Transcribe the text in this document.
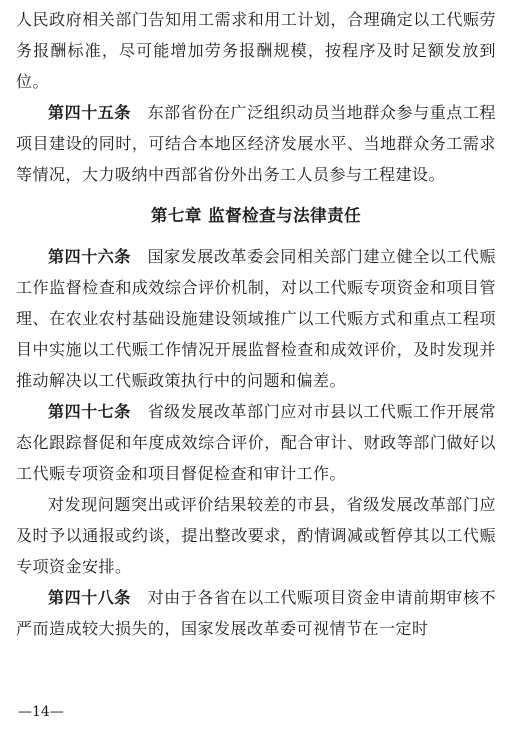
人民政府相关部门告知用工需求和用工计划，合理确定以工代赈劳务报酬标准，尽可能增加劳务报酬规模，按程序及时足额发放到位。

第四十五条  东部省份在广泛组织动员当地群众参与重点工程项目建设的同时，可结合本地区经济发展水平、当地群众务工需求等情况，大力吸纳中西部省份外出务工人员参与工程建设。

第七章 监督检查与法律责任

第四十六条  国家发展改革委会同相关部门建立健全以工代赈工作监督检查和成效综合评价机制，对以工代赈专项资金和项目管理、在农业农村基础设施建设领域推广以工代赈方式和重点工程项目中实施以工代赈工作情况开展监督检查和成效评价，及时发现并推动解决以工代赈政策执行中的问题和偏差。

第四十七条  省级发展改革部门应对市县以工代赈工作开展常态化跟踪督促和年度成效综合评价，配合审计、财政等部门做好以工代赈专项资金和项目督促检查和审计工作。

对发现问题突出或评价结果较差的市县，省级发展改革部门应及时予以通报或约谈，提出整改要求，酌情调减或暂停其以工代赈专项资金安排。

第四十八条  对由于各省在以工代赈项目资金申请前期审核不严而造成较大损失的，国家发展改革委可视情节在一定时

—14—
